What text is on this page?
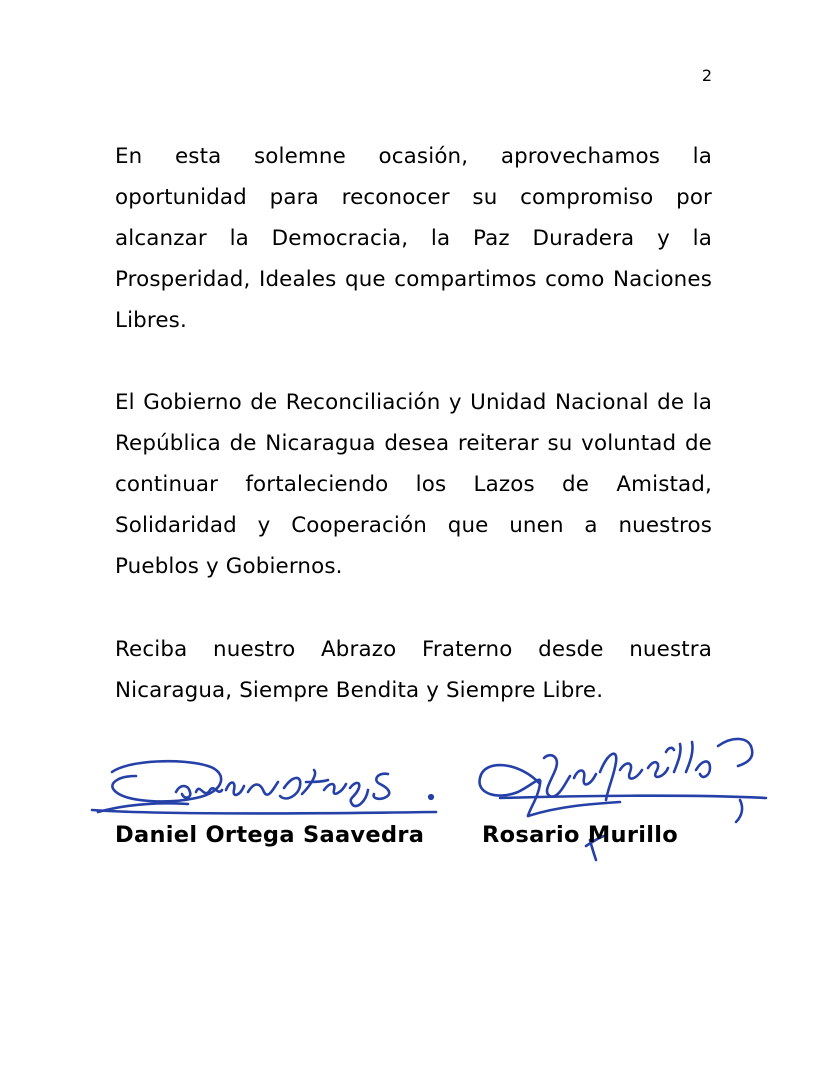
2

En esta solemne ocasión, aprovechamos la oportunidad para reconocer su compromiso por alcanzar la Democracia, la Paz Duradera y la Prosperidad, Ideales que compartimos como Naciones Libres.

El Gobierno de Reconciliación y Unidad Nacional de la República de Nicaragua desea reiterar su voluntad de continuar fortaleciendo los Lazos de Amistad, Solidaridad y Cooperación que unen a nuestros Pueblos y Gobiernos.

Reciba nuestro Abrazo Fraterno desde nuestra Nicaragua, Siempre Bendita y Siempre Libre.

Daniel Ortega Saavedra	Rosario Murillo
